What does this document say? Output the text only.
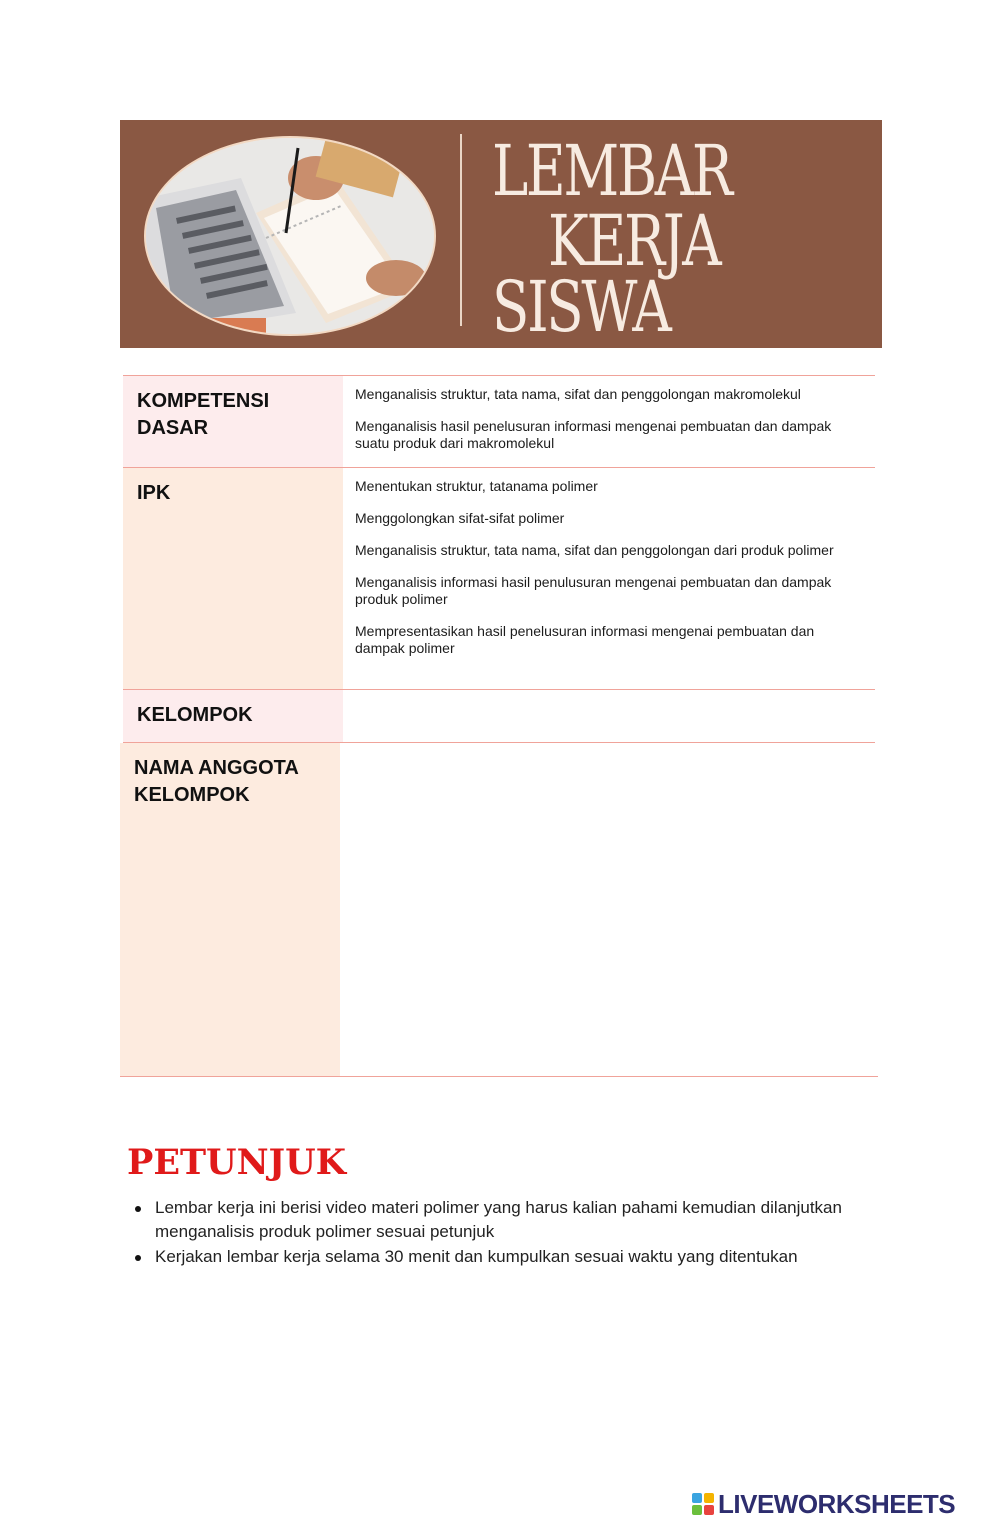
LEMBAR
KERJA
SISWA
KOMPETENSI DASAR
Menganalisis struktur, tata nama, sifat dan penggolongan makromolekul
Menganalisis hasil penelusuran informasi mengenai pembuatan dan dampak suatu produk dari makromolekul
IPK	Menentukan struktur, tatanama polimer
Menggolongkan sifat-sifat polimer
Menganalisis struktur, tata nama, sifat dan penggolongan dari produk polimer
Menganalisis informasi hasil penulusuran mengenai pembuatan dan dampak produk polimer
Mempresentasikan hasil penelusuran informasi mengenai pembuatan dan dampak polimer
KELOMPOK
NAMA ANGGOTA KELOMPOK
PETUNJUK
Lembar kerja ini berisi video materi polimer yang harus kalian pahami kemudian dilanjutkan menganalisis produk polimer sesuai petunjuk
Kerjakan lembar kerja selama 30 menit dan kumpulkan sesuai waktu yang ditentukan
LIVEWORKSHEETS
